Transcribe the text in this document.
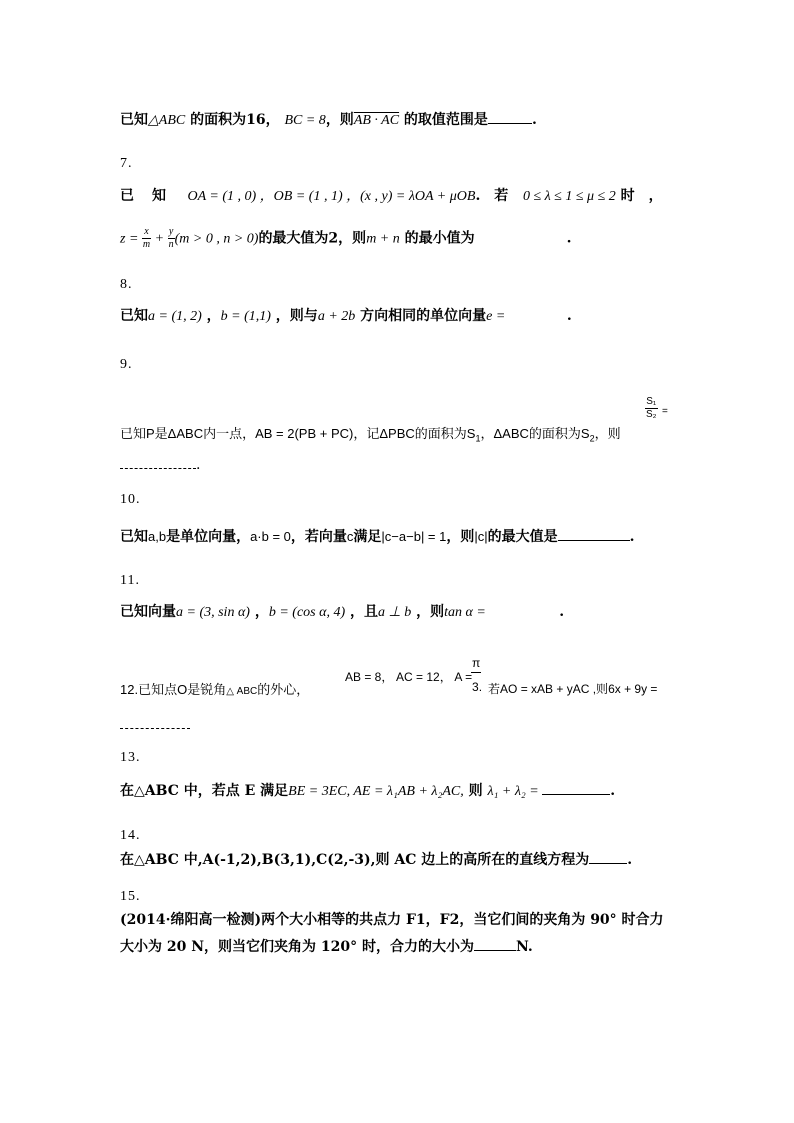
已知△ABC 的面积为16， BC = 8，则AB · AC 的取值范围是	.
7.
已　知 OA = (1 , 0) ，OB = (1 , 1) ，(x , y) = λOA + μOB.　若 0 ≤ λ ≤ 1 ≤ μ ≤ 2 时　，
$z = \frac{x}{m} + \frac{y}{n} (m > 0$ , n > 0)的最大值为2，则m + n 的最小值为	.
8.
已知a = (1, 2) ，b = (1,1) ，则与a + 2b 方向相同的单位向量e =	.
9.
已知P是ΔABC内一点，AB = 2(PB + PC)，记ΔPBC的面积为$S_1$，ΔABC的面积为$S_2$，则
$\frac{\text{S₁}}{\text{S₂}}$ =
.
10.
已知a,b是单位向量，a·b = 0，若向量c满足|c−a−b| = 1，则|c|的最大值是	.
11.
已知向量a = (3, sin α) ，b = (cos α, 4) ，且a ⊥ b ，则tan α =	.
12.已知点O是锐角△ ABC的外心，
AB = 8， AC = 12， A =
π
3. 若AO = xAB + yAC ,则6x + 9y =
13.
在△ABC 中，若点 E 满足BE = 3EC, AE = λ₁AB + λ₂AC, 则 λ₁ + λ₂ =	.
14.
在△ABC 中,A(-1,2),B(3,1),C(2,-3),则 AC 边上的高所在的直线方程为	.
15.
(2014·绵阳高一检测)两个大小相等的共点力 F1，F2，当它们间的夹角为 90° 时合力
大小为 20 N，则当它们夹角为 120° 时，合力的大小为	N.
